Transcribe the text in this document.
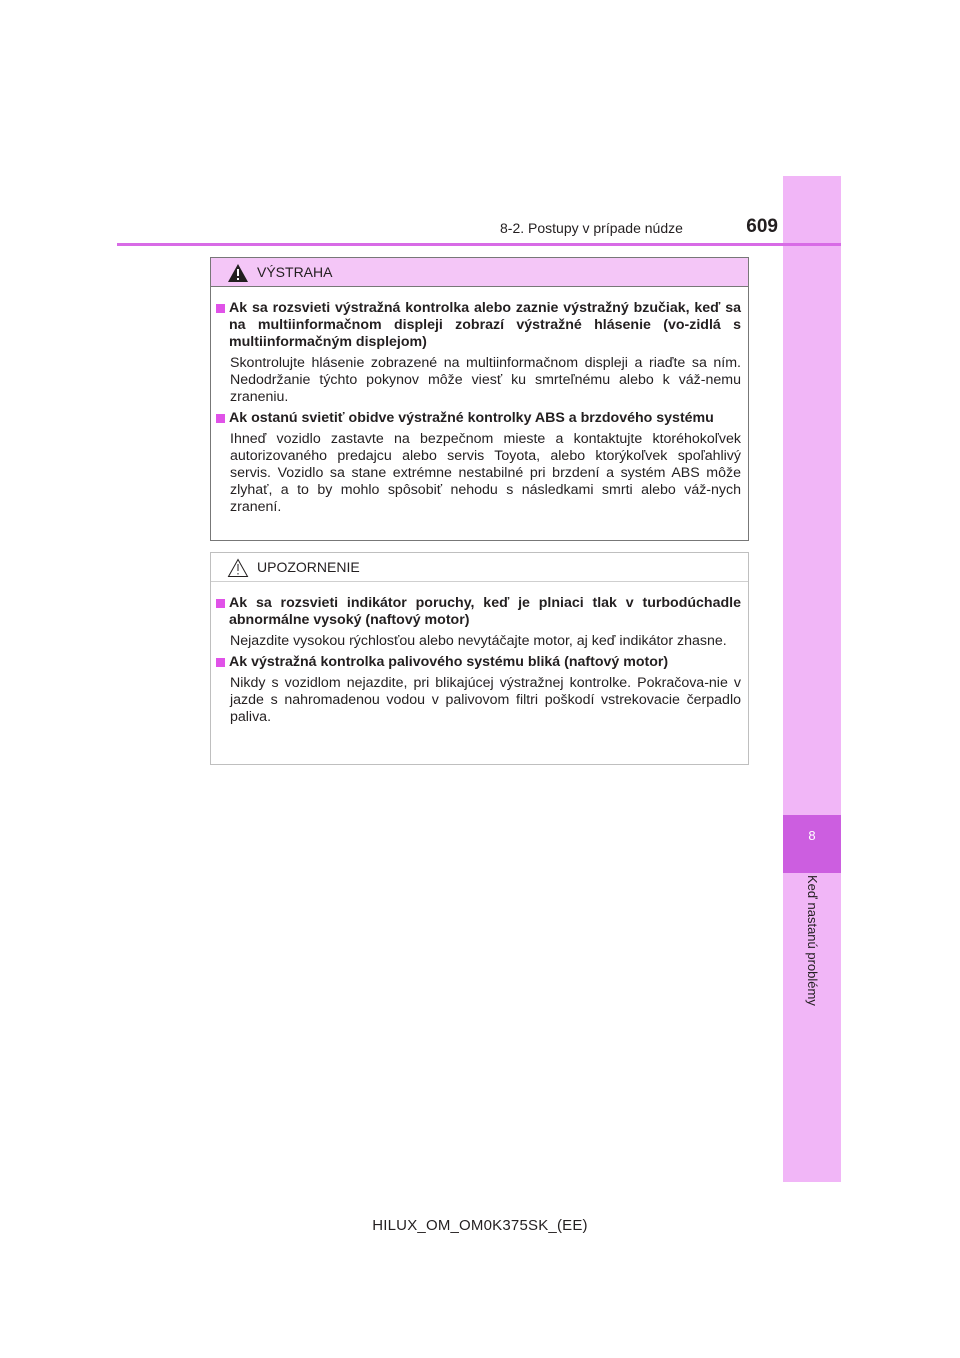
8
Keď nastanú problémy
8-2. Postupy v prípade núdze	609
VÝSTRAHA

Ak sa rozsvieti výstražná kontrolka alebo zaznie výstražný bzučiak, keď sa na multiinformačnom displeji zobrazí výstražné hlásenie (vo-zidlá s multiinformačným displejom)

Skontrolujte hlásenie zobrazené na multiinformačnom displeji a riaďte sa ním. Nedodržanie týchto pokynov môže viesť ku smrteľnému alebo k váž-nemu zraneniu.

Ak ostanú svietiť obidve výstražné kontrolky ABS a brzdového systému

Ihneď vozidlo zastavte na bezpečnom mieste a kontaktujte ktoréhokoľvek autorizovaného predajcu alebo servis Toyota, alebo ktorýkoľvek spoľahlivý servis. Vozidlo sa stane extrémne nestabilné pri brzdení a systém ABS môže zlyhať, a to by mohlo spôsobiť nehodu s následkami smrti alebo váž-nych zranení.

UPOZORNENIE

Ak sa rozsvieti indikátor poruchy, keď je plniaci tlak v turbodúchadle abnormálne vysoký (naftový motor)

Nejazdite vysokou rýchlosťou alebo nevytáčajte motor, aj keď indikátor zhasne.

Ak výstražná kontrolka palivového systému bliká (naftový motor)

Nikdy s vozidlom nejazdite, pri blikajúcej výstražnej kontrolke. Pokračova-nie v jazde s nahromadenou vodou v palivovom filtri poškodí vstrekovacie čerpadlo paliva.

HILUX_OM_OM0K375SK_(EE)
